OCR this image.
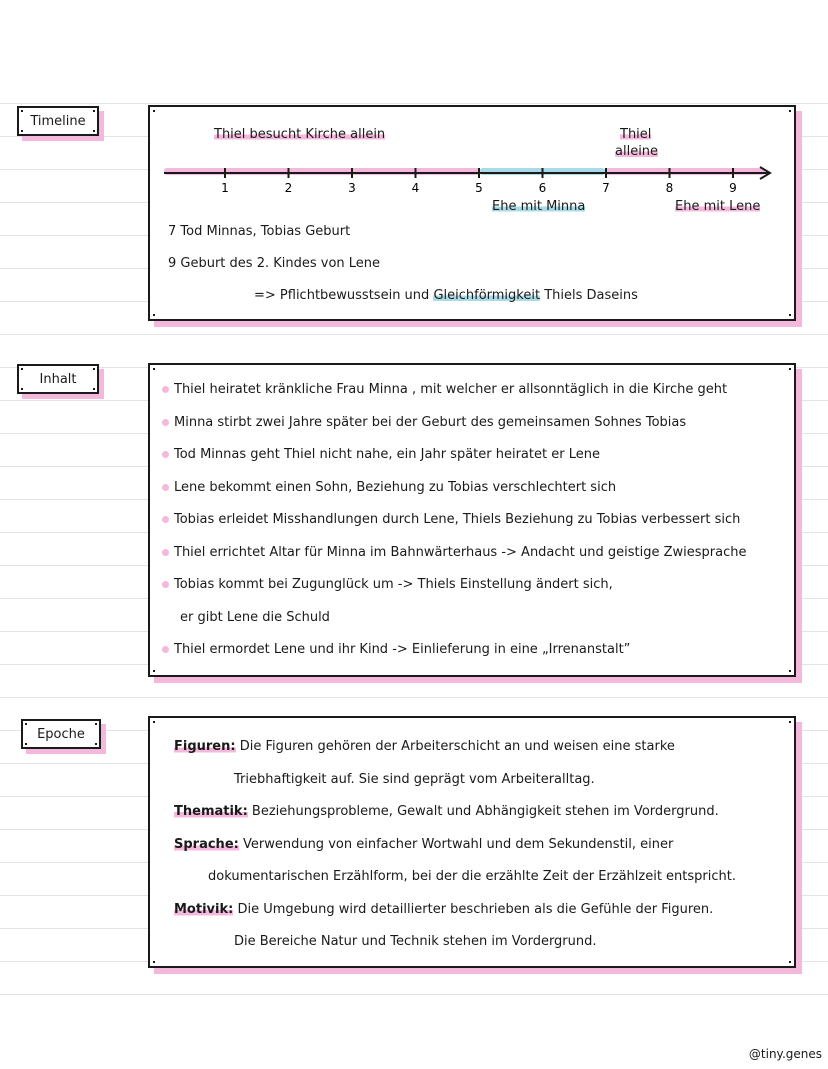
Timeline
Thiel besucht Kirche allein	Thiel
alleine
1	2	3	4	5	6	7	8	9
Ehe mit Minna	Ehe mit Lene
7 Tod Minnas, Tobias Geburt
9 Geburt des 2. Kindes von Lene
=> Pflichtbewusstsein und Gleichförmigkeit Thiels Daseins
Inhalt
Thiel heiratet kränkliche Frau Minna , mit welcher er allsonntäglich in die Kirche geht
Minna stirbt zwei Jahre später bei der Geburt des gemeinsamen Sohnes Tobias
Tod Minnas geht Thiel nicht nahe, ein Jahr später heiratet er Lene
Lene bekommt einen Sohn, Beziehung zu Tobias verschlechtert sich
Tobias erleidet Misshandlungen durch Lene, Thiels Beziehung zu Tobias verbessert sich
Thiel errichtet Altar für Minna im Bahnwärterhaus -> Andacht und geistige Zwiesprache
Tobias kommt bei Zugunglück um -> Thiels Einstellung ändert sich,
er gibt Lene die Schuld
Thiel ermordet Lene und ihr Kind -> Einlieferung in eine „Irrenanstalt”
Epoche
Figuren: Die Figuren gehören der Arbeiterschicht an und weisen eine starke
Triebhaftigkeit auf. Sie sind geprägt vom Arbeiteralltag.
Thematik: Beziehungsprobleme, Gewalt und Abhängigkeit stehen im Vordergrund.
Sprache: Verwendung von einfacher Wortwahl und dem Sekundenstil, einer
dokumentarischen Erzählform, bei der die erzählte Zeit der Erzählzeit entspricht.
Motivik: Die Umgebung wird detaillierter beschrieben als die Gefühle der Figuren.
Die Bereiche Natur und Technik stehen im Vordergrund.
@tiny.genes
